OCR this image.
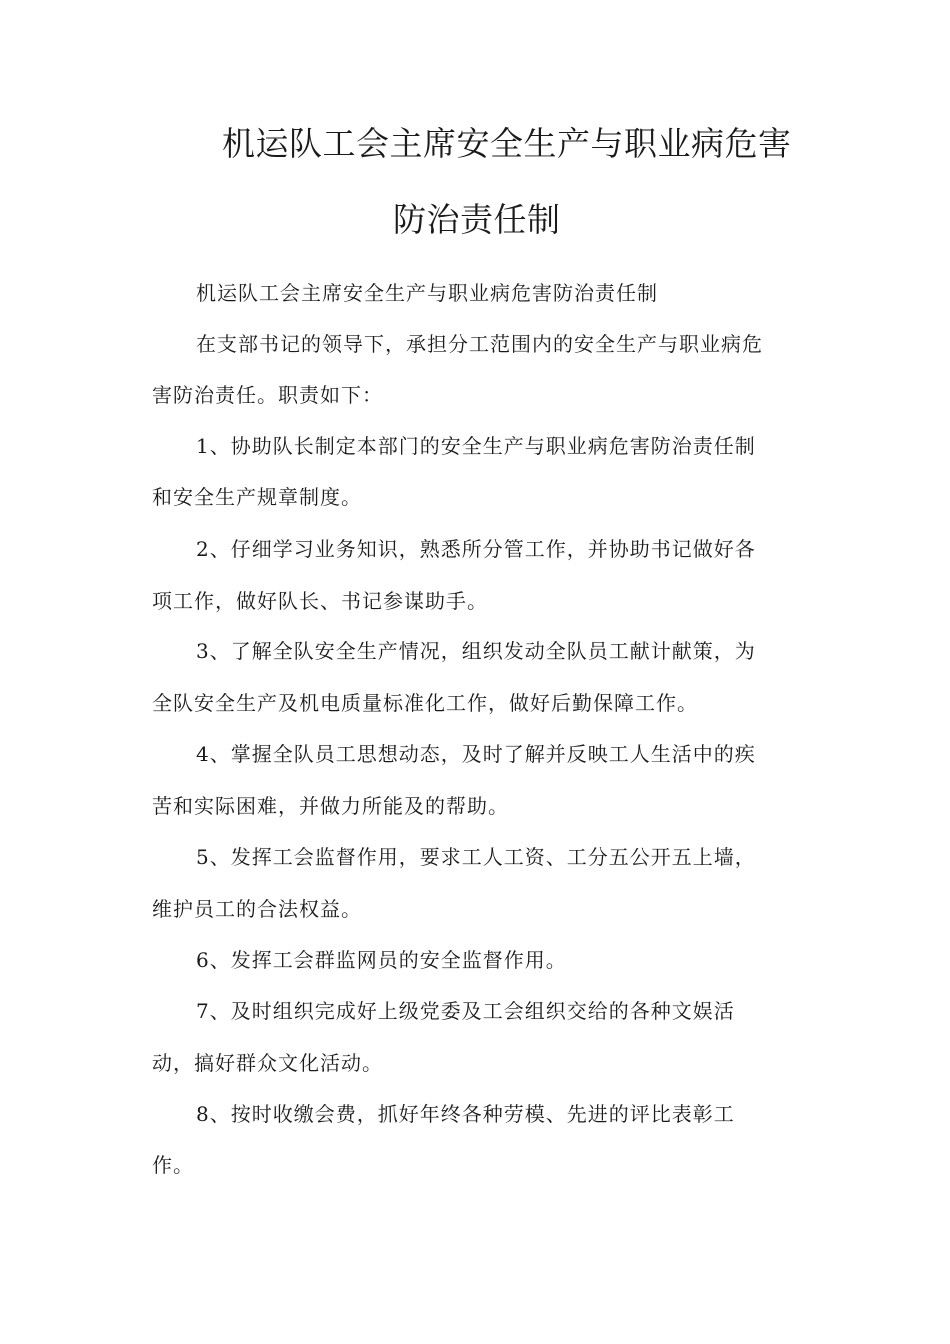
机运队工会主席安全生产与职业病危害
防治责任制
机运队工会主席安全生产与职业病危害防治责任制
在支部书记的领导下，承担分工范围内的安全生产与职业病危
害防治责任。职责如下：
1、协助队长制定本部门的安全生产与职业病危害防治责任制
和安全生产规章制度。
2、仔细学习业务知识，熟悉所分管工作，并协助书记做好各
项工作，做好队长、书记参谋助手。
3、了解全队安全生产情况，组织发动全队员工献计献策，为
全队安全生产及机电质量标准化工作，做好后勤保障工作。
4、掌握全队员工思想动态，及时了解并反映工人生活中的疾
苦和实际困难，并做力所能及的帮助。
5、发挥工会监督作用，要求工人工资、工分五公开五上墙，
维护员工的合法权益。
6、发挥工会群监网员的安全监督作用。
7、及时组织完成好上级党委及工会组织交给的各种文娱活
动，搞好群众文化活动。
8、按时收缴会费，抓好年终各种劳模、先进的评比表彰工
作。
